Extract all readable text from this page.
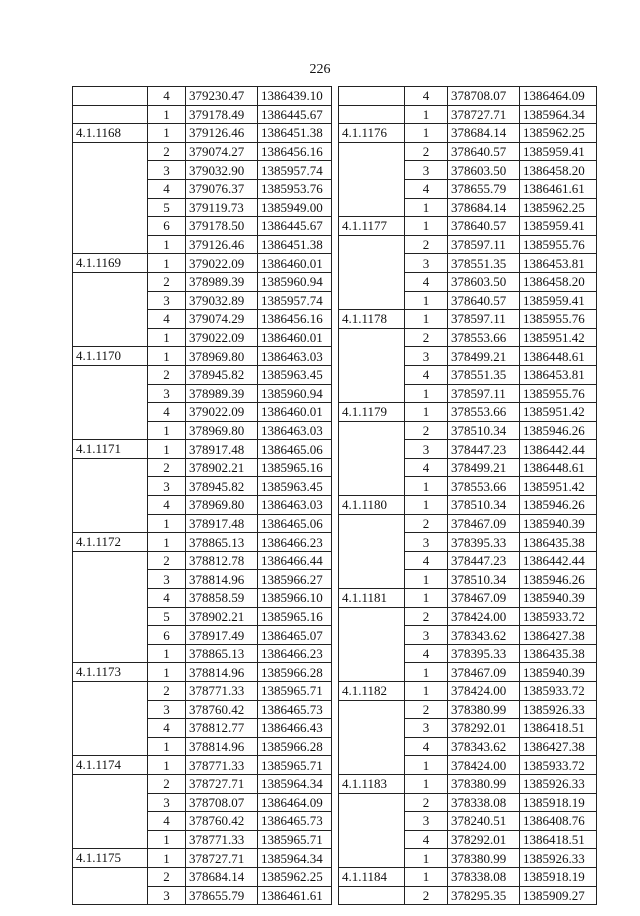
226
	4	379230.47	1386439.10
	1	379178.49	1386445.67
4.1.1168	1	379126.46	1386451.38
	2	379074.27	1386456.16
	3	379032.90	1385957.74
	4	379076.37	1385953.76
	5	379119.73	1385949.00
	6	379178.50	1386445.67
	1	379126.46	1386451.38
4.1.1169	1	379022.09	1386460.01
	2	378989.39	1385960.94
	3	379032.89	1385957.74
	4	379074.29	1386456.16
	1	379022.09	1386460.01
4.1.1170	1	378969.80	1386463.03
	2	378945.82	1385963.45
	3	378989.39	1385960.94
	4	379022.09	1386460.01
	1	378969.80	1386463.03
4.1.1171	1	378917.48	1386465.06
	2	378902.21	1385965.16
	3	378945.82	1385963.45
	4	378969.80	1386463.03
	1	378917.48	1386465.06
4.1.1172	1	378865.13	1386466.23
	2	378812.78	1386466.44
	3	378814.96	1385966.27
	4	378858.59	1385966.10
	5	378902.21	1385965.16
	6	378917.49	1386465.07
	1	378865.13	1386466.23
4.1.1173	1	378814.96	1385966.28
	2	378771.33	1385965.71
	3	378760.42	1386465.73
	4	378812.77	1386466.43
	1	378814.96	1385966.28
4.1.1174	1	378771.33	1385965.71
	2	378727.71	1385964.34
	3	378708.07	1386464.09
	4	378760.42	1386465.73
	1	378771.33	1385965.71
4.1.1175	1	378727.71	1385964.34
	2	378684.14	1385962.25
	3	378655.79	1386461.61
	4	378708.07	1386464.09
	1	378727.71	1385964.34
4.1.1176	1	378684.14	1385962.25
	2	378640.57	1385959.41
	3	378603.50	1386458.20
	4	378655.79	1386461.61
	1	378684.14	1385962.25
4.1.1177	1	378640.57	1385959.41
	2	378597.11	1385955.76
	3	378551.35	1386453.81
	4	378603.50	1386458.20
	1	378640.57	1385959.41
4.1.1178	1	378597.11	1385955.76
	2	378553.66	1385951.42
	3	378499.21	1386448.61
	4	378551.35	1386453.81
	1	378597.11	1385955.76
4.1.1179	1	378553.66	1385951.42
	2	378510.34	1385946.26
	3	378447.23	1386442.44
	4	378499.21	1386448.61
	1	378553.66	1385951.42
4.1.1180	1	378510.34	1385946.26
	2	378467.09	1385940.39
	3	378395.33	1386435.38
	4	378447.23	1386442.44
	1	378510.34	1385946.26
4.1.1181	1	378467.09	1385940.39
	2	378424.00	1385933.72
	3	378343.62	1386427.38
	4	378395.33	1386435.38
	1	378467.09	1385940.39
4.1.1182	1	378424.00	1385933.72
	2	378380.99	1385926.33
	3	378292.01	1386418.51
	4	378343.62	1386427.38
	1	378424.00	1385933.72
4.1.1183	1	378380.99	1385926.33
	2	378338.08	1385918.19
	3	378240.51	1386408.76
	4	378292.01	1386418.51
	1	378380.99	1385926.33
4.1.1184	1	378338.08	1385918.19
	2	378295.35	1385909.27
